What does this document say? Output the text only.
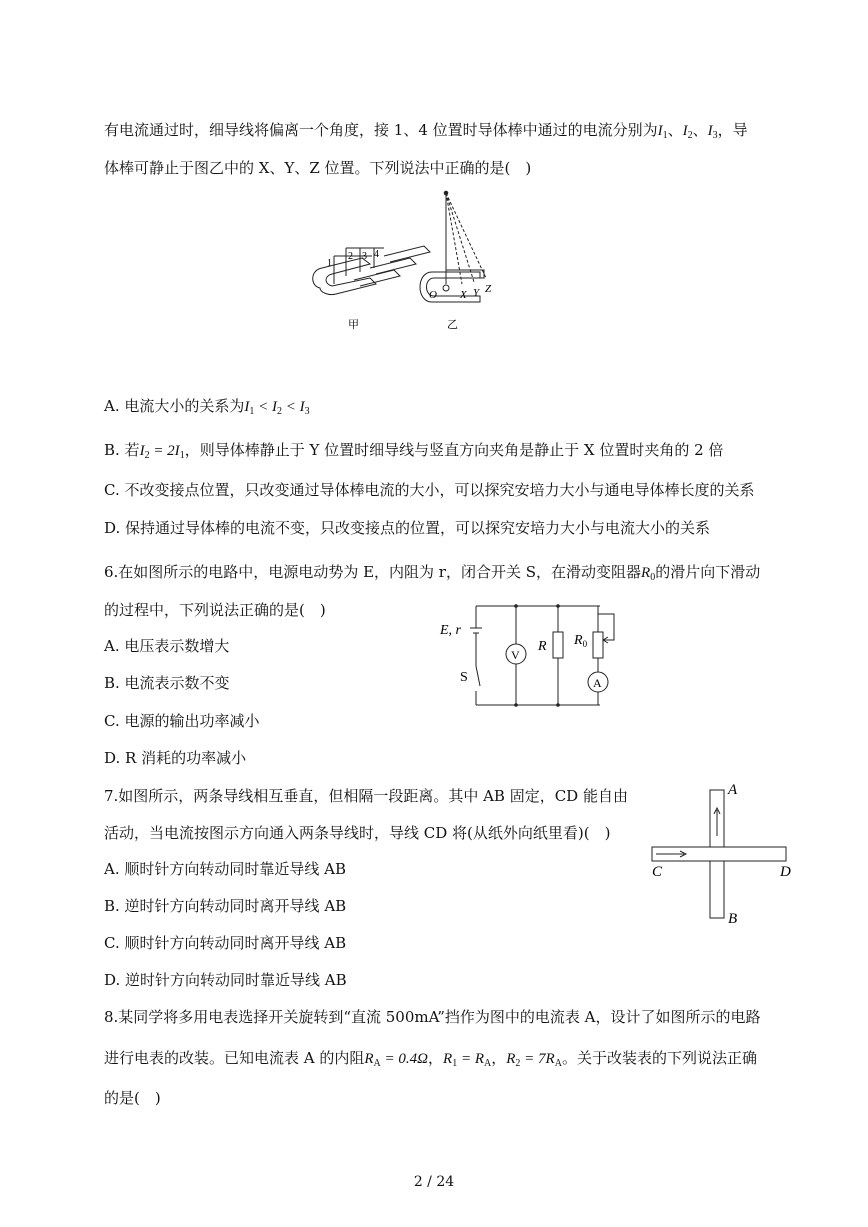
有电流通过时，细导线将偏离一个角度，接 1、4 位置时导体棒中通过的电流分别为$I_1$、$I_2$、$I_3$，导
体棒可静止于图乙中的 X、Y、Z 位置。下列说法中正确的是(　)
1
2 3 4
甲
O X Y Z
乙
A. 电流大小的关系为$I_1 < I_2 < I_3$
B. 若$I_2 = 2I_1$，则导体棒静止于 Y 位置时细导线与竖直方向夹角是静止于 X 位置时夹角的 2 倍
C. 不改变接点位置，只改变通过导体棒电流的大小，可以探究安培力大小与通电导体棒长度的关系
D. 保持通过导体棒的电流不变，只改变接点的位置，可以探究安培力大小与电流大小的关系
6.在如图所示的电路中，电源电动势为 E，内阻为 r，闭合开关 S，在滑动变阻器$R_0$的滑片向下滑动
的过程中，下列说法正确的是(　)
A. 电压表示数增大
B. 电流表示数不变
C. 电源的输出功率减小
D. R 消耗的功率减小
E, r
S
V
R $R_0$
A
7.如图所示，两条导线相互垂直，但相隔一段距离。其中 AB 固定，CD 能自由
活动，当电流按图示方向通入两条导线时，导线 CD 将(从纸外向纸里看)(　)
A. 顺时针方向转动同时靠近导线 AB
B. 逆时针方向转动同时离开导线 AB
C. 顺时针方向转动同时离开导线 AB
D. 逆时针方向转动同时靠近导线 AB
A
B
C	D
8.某同学将多用电表选择开关旋转到“直流 500mA”挡作为图中的电流表 A，设计了如图所示的电路
进行电表的改装。已知电流表 A 的内阻$R_A = 0.4\Omega$，$R_1 = R_A$，$R_2 = 7R_A$。关于改装表的下列说法正确
的是(　)
2 / 24
